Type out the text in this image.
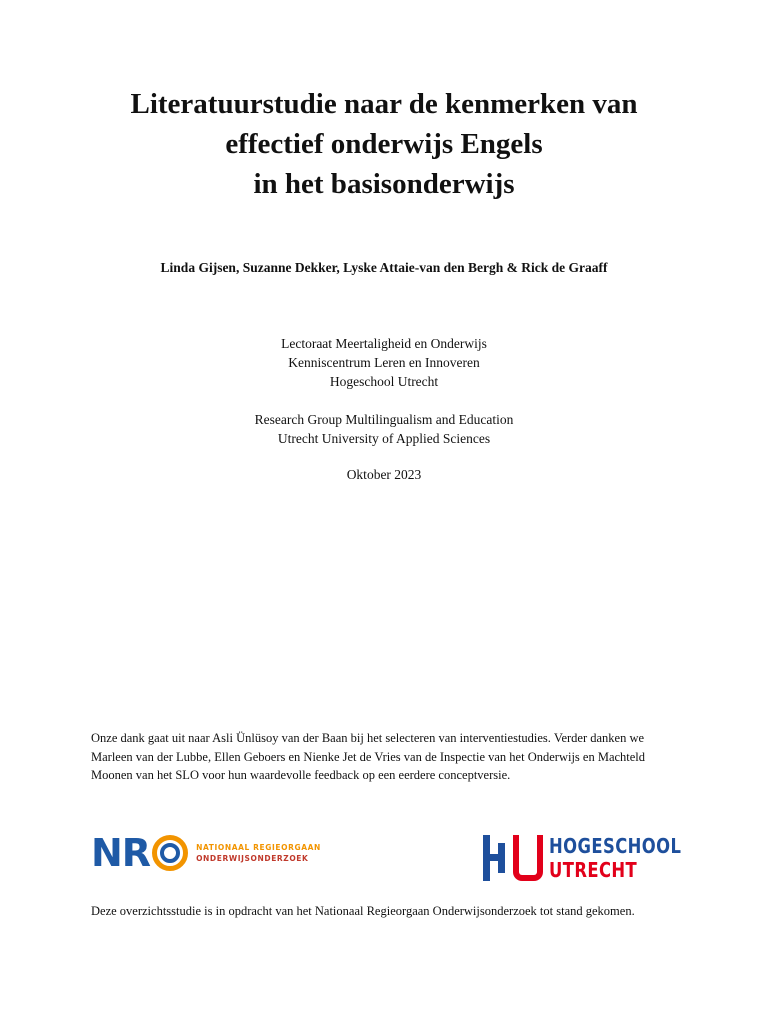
Literatuurstudie naar de kenmerken van
effectief onderwijs Engels
in het basisonderwijs
Linda Gijsen, Suzanne Dekker, Lyske Attaie-van den Bergh & Rick de Graaff
Lectoraat Meertaligheid en Onderwijs
Kenniscentrum Leren en Innoveren
Hogeschool Utrecht
Research Group Multilingualism and Education
Utrecht University of Applied Sciences
Oktober 2023

Onze dank gaat uit naar Asli Ünlüsoy van der Baan bij het selecteren van interventiestudies. Verder danken we Marleen van der Lubbe, Ellen Geboers en Nienke Jet de Vries van de Inspectie van het Onderwijs en Machteld Moonen van het SLO voor hun waardevolle feedback op een eerdere conceptversie.

NR	NATIONAAL REGIEORGAAN
ONDERWIJSONDERZOEK
HOGESCHOOL
UTRECHT

Deze overzichtsstudie is in opdracht van het Nationaal Regieorgaan Onderwijsonderzoek tot stand gekomen.
